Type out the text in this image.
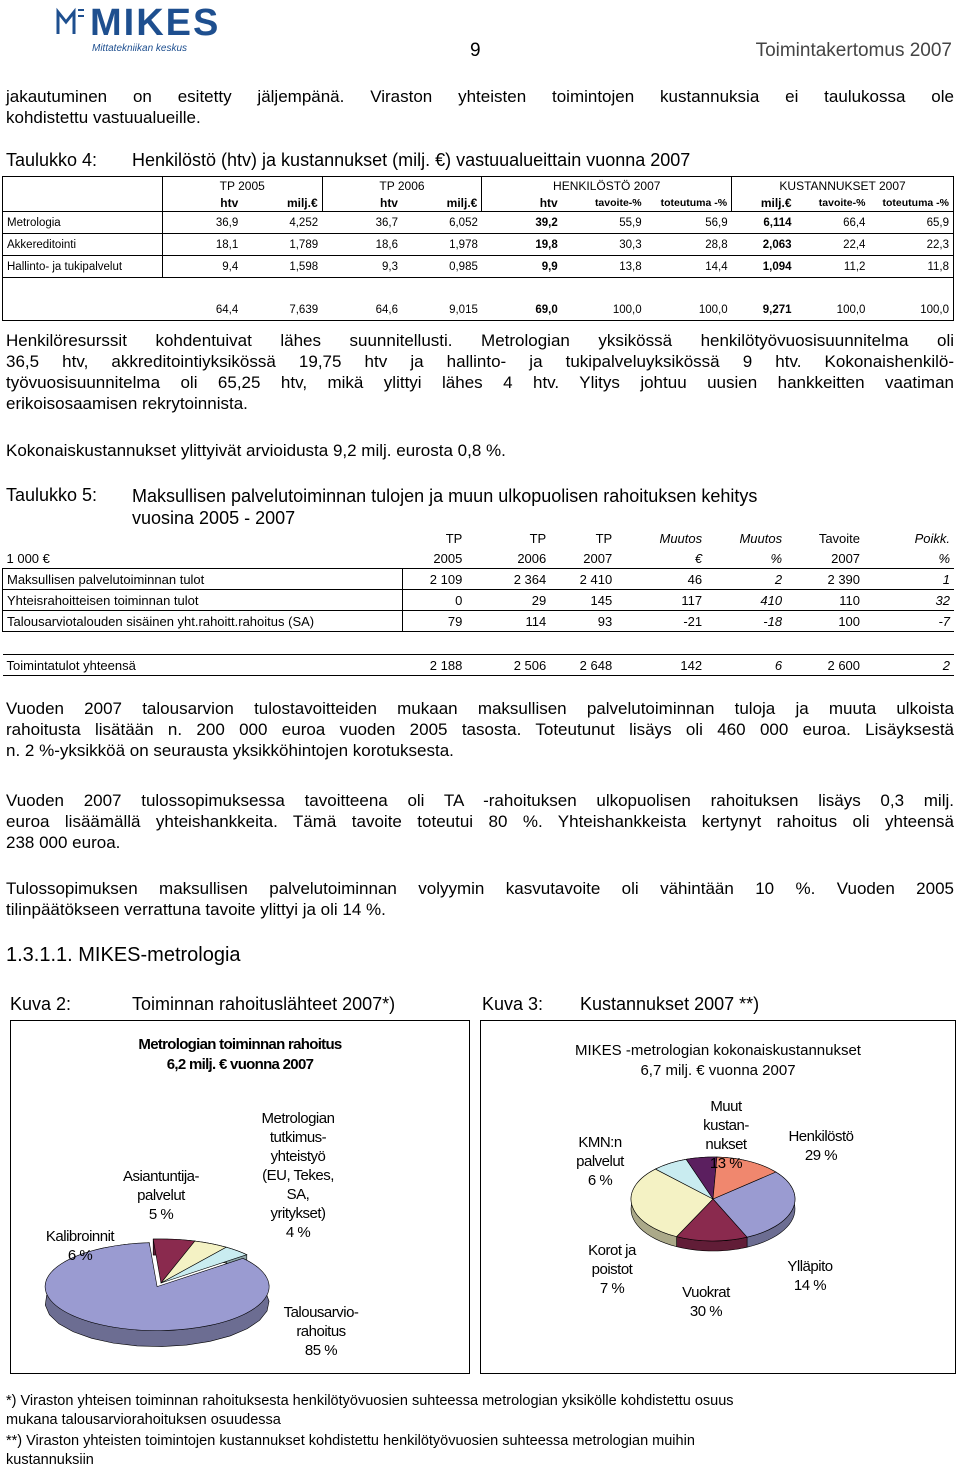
MIKES
Mittatekniikan keskus	9	Toimintakertomus 2007
jakautuminen on esitetty jäljempänä. Viraston yhteisten toimintojen kustannuksia ei taulukossa ole
kohdistettu vastuualueille.
Taulukko 4: Henkilöstö (htv) ja kustannukset (milj. €) vastuualueittain vuonna 2007
	TP 2005		TP 2006		HENKILÖSTÖ 2007			KUSTANNUKSET 2007		
	htv	milj.€	htv	milj.€	htv	tavoite-%	toteutuma -%	milj.€	tavoite-%	toteutuma -%
Metrologia	36,9	4,252	36,7	6,052	39,2	55,9	56,9	6,114	66,4	65,9
Akkereditointi	18,1	1,789	18,6	1,978	19,8	30,3	28,8	2,063	22,4	22,3
Hallinto- ja tukipalvelut	9,4	1,598	9,3	0,985	9,9	13,8	14,4	1,094	11,2	11,8

	64,4	7,639	64,6	9,015	69,0	100,0	100,0	9,271	100,0	100,0
Henkilöresurssit kohdentuivat lähes suunnitellusti. Metrologian yksikössä henkilötyövuosisuunnitelma oli
36,5 htv, akkreditointiyksikössä 19,75 htv ja hallinto- ja tukipalveluyksikössä 9 htv. Kokonaishenkilö-
työvuosisuunnitelma oli 65,25 htv, mikä ylittyi lähes 4 htv. Ylitys johtuu uusien hankkeitten vaatiman
erikoisosaamisen rekrytoinnista.
Kokonaiskustannukset ylittyivät arvioidusta 9,2 milj. eurosta 0,8 %.
Taulukko 5: Maksullisen palvelutoiminnan tulojen ja muun ulkopuolisen rahoituksen kehitys
vuosina 2005 - 2007
	TP	TP	TP	Muutos	Muutos	Tavoite	Poikk.
1 000 €	2005	2006	2007	€	%	2007	%
Maksullisen palvelutoiminnan tulot	2 109	2 364	2 410	46	2	2 390	1
Yhteisrahoitteisen toiminnan tulot	0	29	145	117	410	110	32
Talousarviotalouden sisäinen yht.rahoitt.rahoitus (SA)	79	114	93	-21	-18	100	-7

Toimintatulot yhteensä	2 188	2 506	2 648	142	6	2 600	2
Vuoden 2007 talousarvion tulostavoitteiden mukaan maksullisen palvelutoiminnan tuloja ja muuta ulkoista
rahoitusta lisätään n. 200 000 euroa vuoden 2005 tasosta. Toteutunut lisäys oli 460 000 euroa. Lisäyksestä
n. 2 %-yksikköä on seurausta yksikköhintojen korotuksesta.
Vuoden 2007 tulossopimuksessa tavoitteena oli TA -rahoituksen ulkopuolisen rahoituksen lisäys 0,3 milj.
euroa lisäämällä yhteishankkeita. Tämä tavoite toteutui 80 %. Yhteishankkeista kertynyt rahoitus oli yhteensä
238 000 euroa.
Tulossopimuksen maksullisen palvelutoiminnan volyymin kasvutavoite oli vähintään 10 %. Vuoden 2005
tilinpäätökseen verrattuna tavoite ylittyi ja oli 14 %.
1.3.1.1. MIKES-metrologia
Kuva 2:	Toiminnan rahoituslähteet 2007*)	Kuva 3: Kustannukset 2007 **)
Metrologian toiminnan rahoitus
6,2 milj. € vuonna 2007
Kalibroinnit
6 %
Asiantuntija-
palvelut
5 %
Metrologian
tutkimus-
yhteistyö
(EU, Tekes,
SA,
yritykset)
4 %
Talousarvio-
rahoitus
85 %
MIKES -metrologian kokonaiskustannukset
6,7 milj. € vuonna 2007
Henkilöstö
29 %
Ylläpito
14 %
Vuokrat
30 %
Korot ja
poistot
7 %
KMN:n
palvelut
6 %
Muut
kustan-
nukset
13 %
*) Viraston yhteisen toiminnan rahoituksesta henkilötyövuosien suhteessa metrologian yksikölle kohdistettu osuus
mukana talousarviorahoituksen osuudessa
**) Viraston yhteisten toimintojen kustannukset kohdistettu henkilötyövuosien suhteessa metrologian muihin
kustannuksiin
